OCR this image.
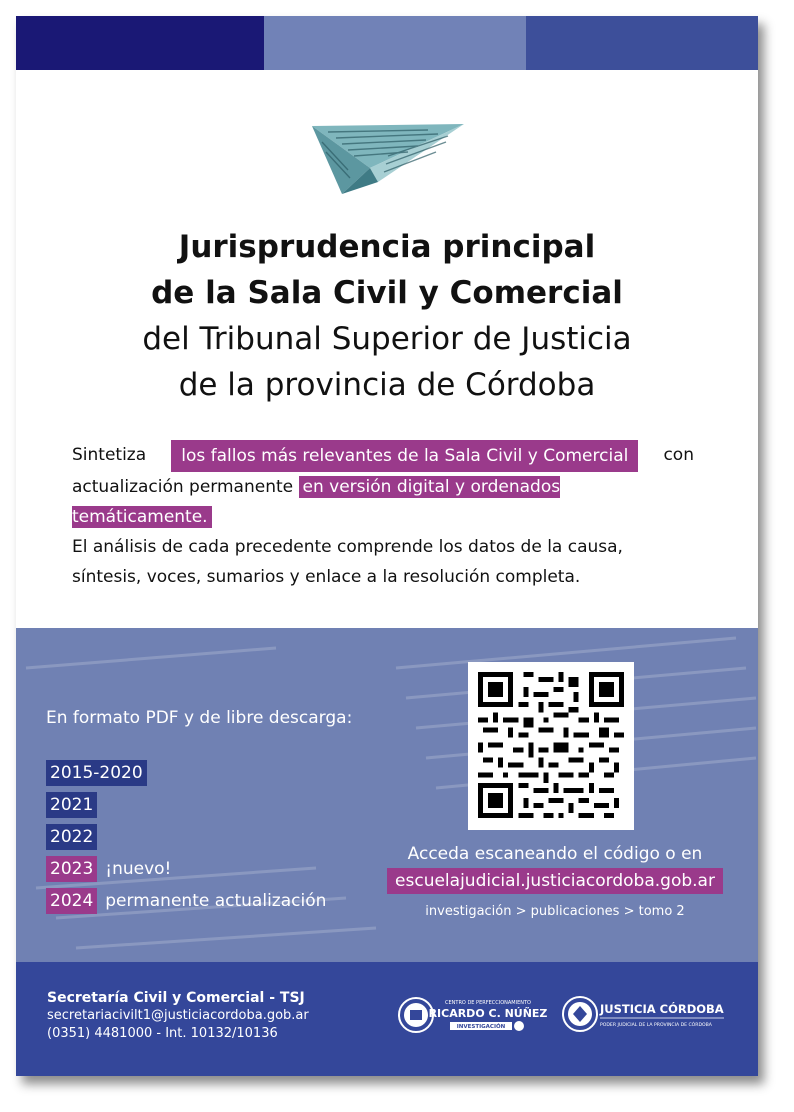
Jurisprudencia principal
de la Sala Civil y Comercial
del Tribunal Superior de Justicia
de la provincia de Córdoba
Sintetiza	los fallos más relevantes de la Sala Civil y Comercial	con
actualización permanente en versión digital y ordenados temáticamente.
El análisis de cada precedente comprende los datos de la causa, síntesis, voces, sumarios y enlace a la resolución completa.
En formato PDF y de libre descarga:
2015-2020
2021
2022
2023 ¡nuevo!
2024 permanente actualización
Acceda escaneando el código o en
escuelajudicial.justiciacordoba.gob.ar
investigación > publicaciones > tomo 2
Secretaría Civil y Comercial - TSJ
secretariacivilt1@justiciacordoba.gob.ar
(0351) 4481000 - Int. 10132/10136
CENTRO DE PERFECCIONAMIENTO
RICARDO C. NÚÑEZ
INVESTIGACIÓN
JUSTICIA CÓRDOBA
PODER JUDICIAL DE LA PROVINCIA DE CÓRDOBA
